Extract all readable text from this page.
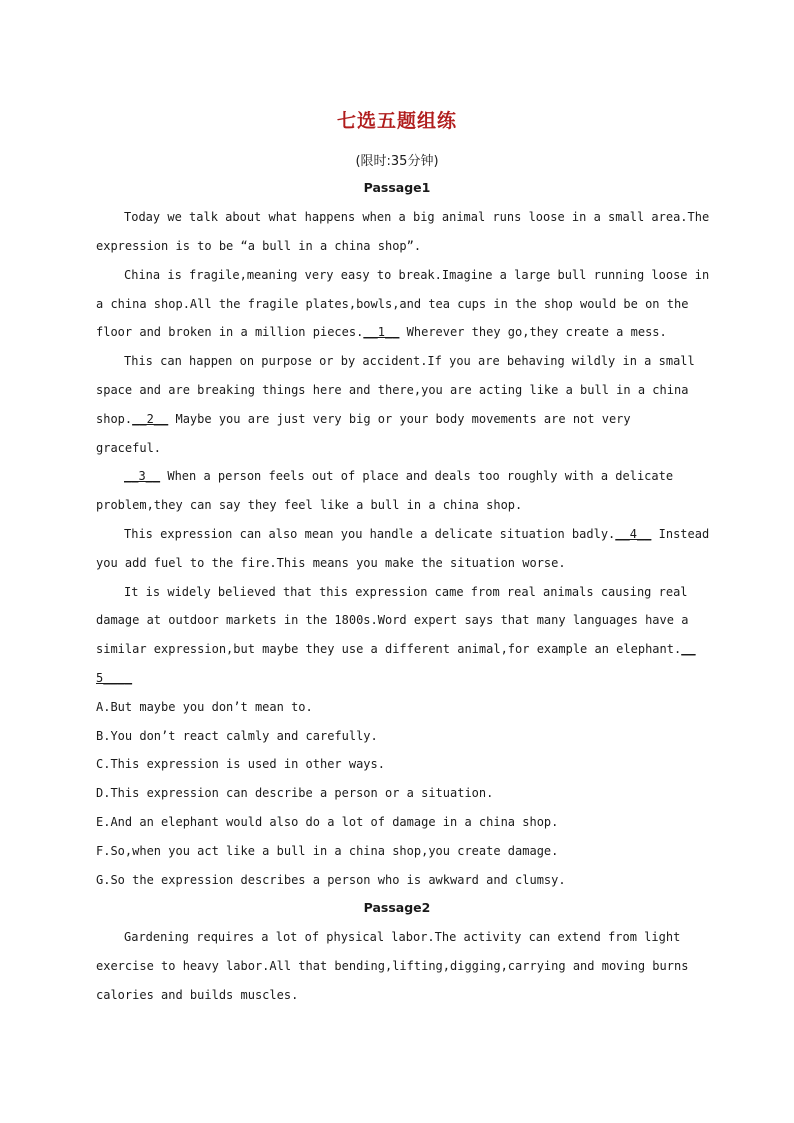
七选五题组练
(限时:35分钟)
Passage1
Today we talk about what happens when a big animal runs loose in a small area.The
expression is to be “a bull in a china shop”.
China is fragile,meaning very easy to break.Imagine a large bull running loose in
a china shop.All the fragile plates,bowls,and tea cups in the shop would be on the
floor and broken in a million pieces.__1__ Wherever they go,they create a mess.
This can happen on purpose or by accident.If you are behaving wildly in a small
space and are breaking things here and there,you are acting like a bull in a china
shop.__2__ Maybe you are just very big or your body movements are not very
graceful.
__3__ When a person feels out of place and deals too roughly with a delicate
problem,they can say they feel like a bull in a china shop.
This expression can also mean you handle a delicate situation badly.__4__ Instead
you add fuel to the fire.This means you make the situation worse.
It is widely believed that this expression came from real animals causing real
damage at outdoor markets in the 1800s.Word expert says that many languages have a
similar expression,but maybe they use a different animal,for example an elephant.__
5____
A.But maybe you don’t mean to.
B.You don’t react calmly and carefully.
C.This expression is used in other ways.
D.This expression can describe a person or a situation.
E.And an elephant would also do a lot of damage in a china shop.
F.So,when you act like a bull in a china shop,you create damage.
G.So the expression describes a person who is awkward and clumsy.
Passage2
Gardening requires a lot of physical labor.The activity can extend from light
exercise to heavy labor.All that bending,lifting,digging,carrying and moving burns
calories and builds muscles.
